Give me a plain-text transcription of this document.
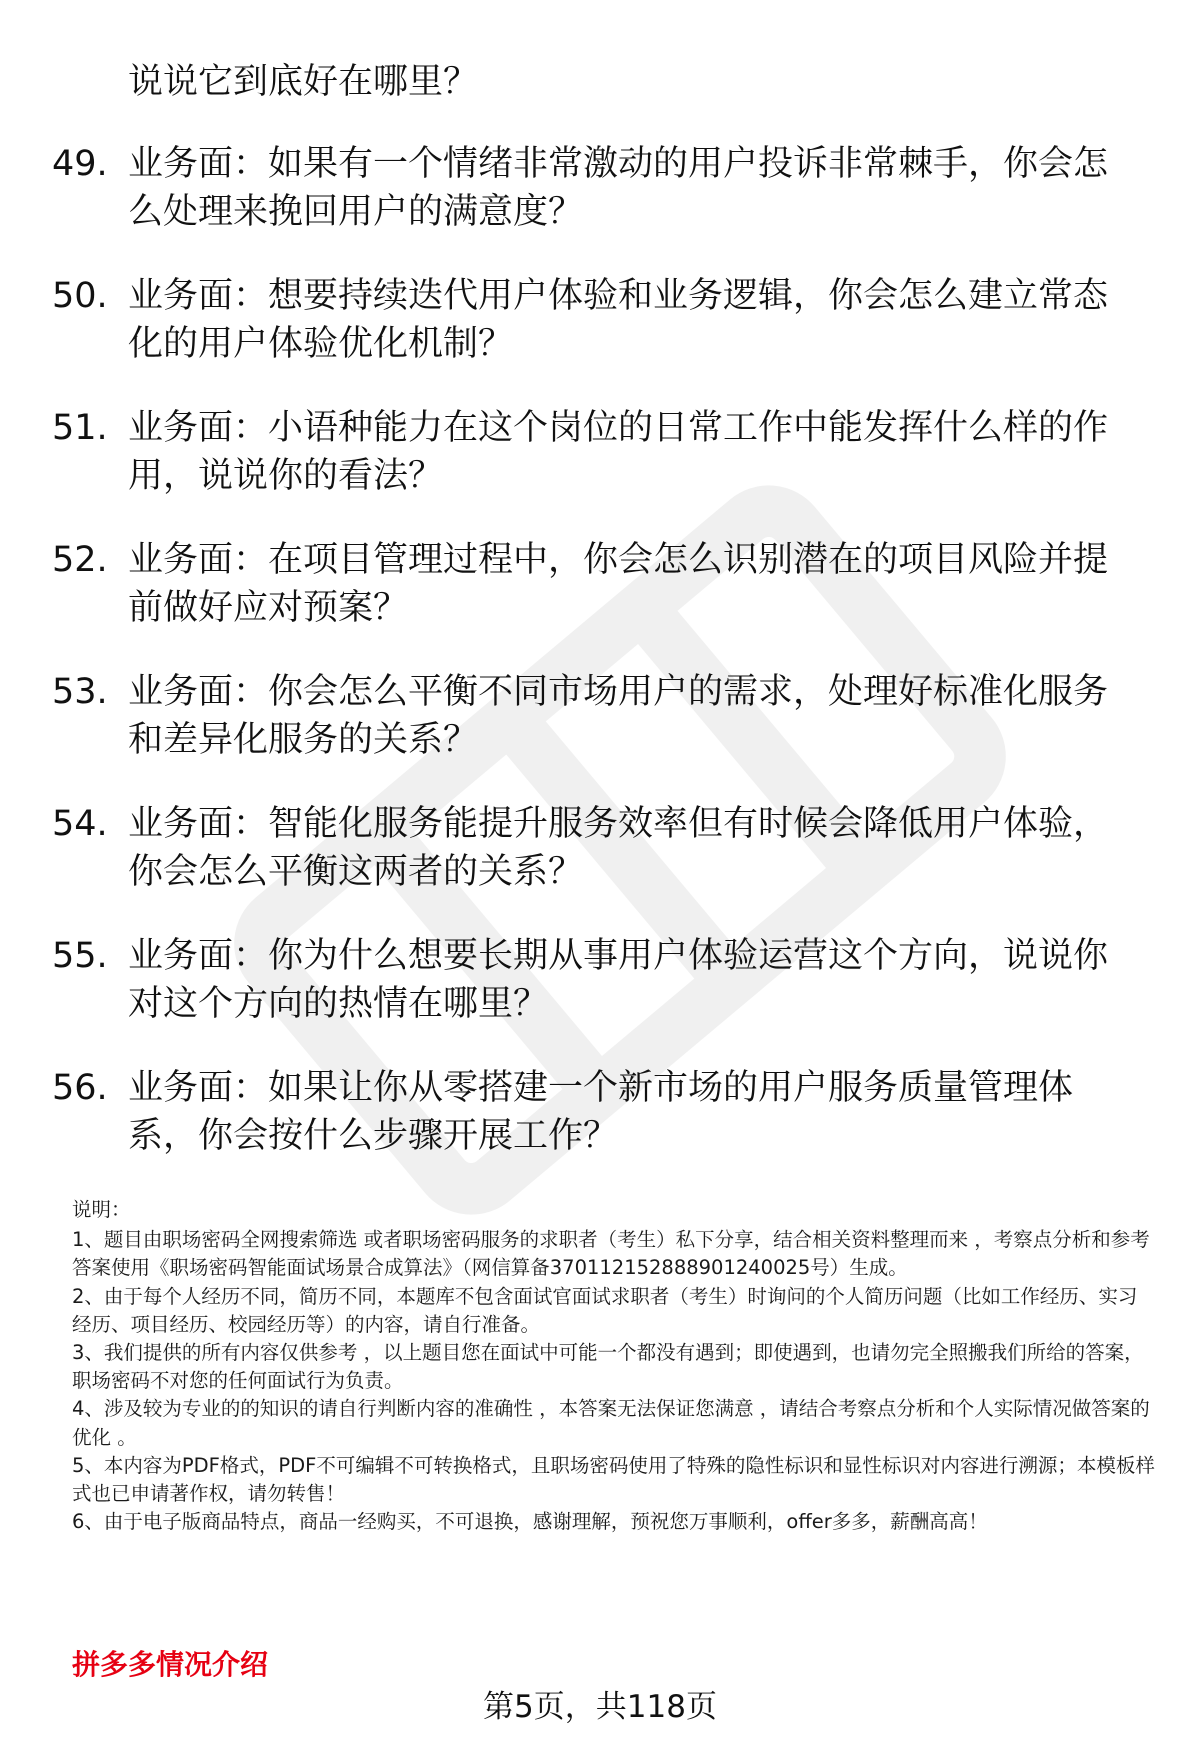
说说它到底好在哪里？
49. 业务面：如果有一个情绪非常激动的用户投诉非常棘手，你会怎么处理来挽回用户的满意度？
50. 业务面：想要持续迭代用户体验和业务逻辑，你会怎么建立常态化的用户体验优化机制？
51. 业务面：小语种能力在这个岗位的日常工作中能发挥什么样的作用，说说你的看法？
52. 业务面：在项目管理过程中，你会怎么识别潜在的项目风险并提前做好应对预案？
53. 业务面：你会怎么平衡不同市场用户的需求，处理好标准化服务和差异化服务的关系？
54. 业务面：智能化服务能提升服务效率但有时候会降低用户体验，你会怎么平衡这两者的关系？
55. 业务面：你为什么想要长期从事用户体验运营这个方向，说说你对这个方向的热情在哪里？
56. 业务面：如果让你从零搭建一个新市场的用户服务质量管理体系，你会按什么步骤开展工作？
说明：

1、题目由职场密码全网搜索筛选 或者职场密码服务的求职者（考生）私下分享，结合相关资料整理而来 ，考察点分析和参考答案使用《职场密码智能面试场景合成算法》（网信算备370112152888901240025号）生成。

2、由于每个人经历不同，简历不同，本题库不包含面试官面试求职者（考生）时询问的个人简历问题（比如工作经历、实习经历、项目经历、校园经历等）的内容，请自行准备。

3、我们提供的所有内容仅供参考 ，以上题目您在面试中可能一个都没有遇到；即使遇到，也请勿完全照搬我们所给的答案，职场密码不对您的任何面试行为负责。

4、涉及较为专业的的知识的请自行判断内容的准确性 ，本答案无法保证您满意 ，请结合考察点分析和个人实际情况做答案的优化 。

5、本内容为PDF格式，PDF不可编辑不可转换格式，且职场密码使用了特殊的隐性标识和显性标识对内容进行溯源；本模板样式也已申请著作权，请勿转售！

6、由于电子版商品特点，商品一经购买，不可退换，感谢理解，预祝您万事顺利，offer多多，薪酬高高！

拼多多情况介绍
第5页，共118页
